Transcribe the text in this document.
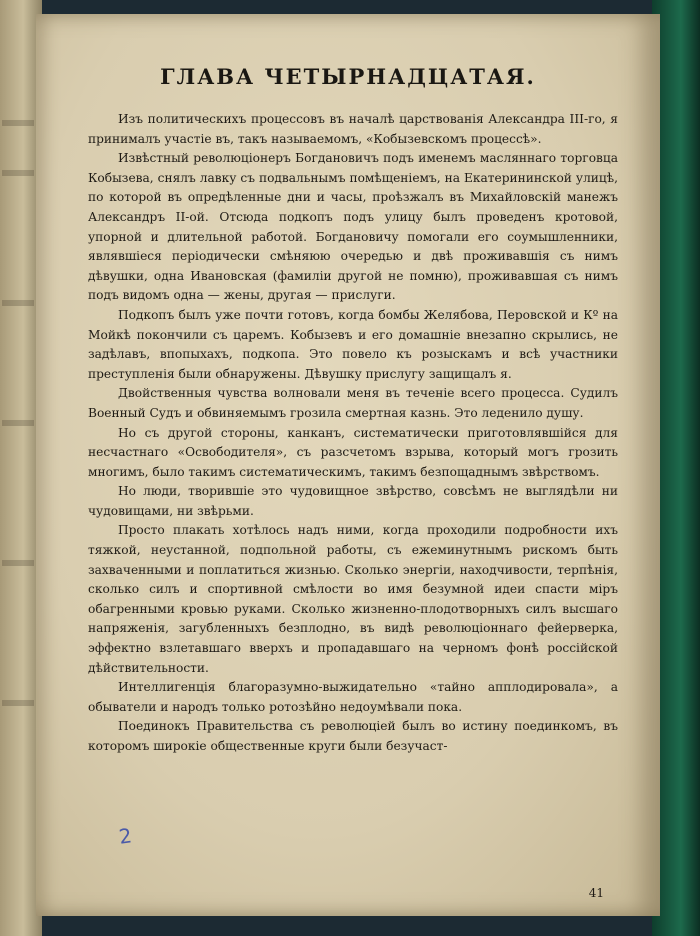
ГЛАВА ЧЕТЫРНАДЦАТАЯ.

Изъ политическихъ процессовъ въ началѣ царствованія Александра III-го, я принималъ участіе въ, такъ называемомъ, «Кобызевскомъ процессѣ».

Извѣстный революціонеръ Богдановичъ подъ именемъ масляннаго торговца Кобызева, снялъ лавку съ подвальнымъ помѣщеніемъ, на Екатерининской улицѣ, по которой въ опредѣленные дни и часы, проѣзжалъ въ Михайловскій манежъ Александръ II-ой. Отсюда подкопъ подъ улицу былъ проведенъ кротовой, упорной и длительной работой. Богдановичу помогали его соумышленники, являвшіеся періодически смѣняюю очередью и двѣ проживавшія съ нимъ дѣвушки, одна Ивановская (фамиліи другой не помню), проживавшая съ нимъ подъ видомъ одна — жены, другая — прислуги.

Подкопъ былъ уже почти готовъ, когда бомбы Желябова, Перовской и Кº на Мойкѣ покончили съ царемъ. Кобызевъ и его домашніе внезапно скрылись, не задѣлавъ, впопыхахъ, подкопа. Это повело къ розыскамъ и всѣ участники преступленія были обнаружены. Дѣвушку прислугу защищалъ я.

Двойственныя чувства волновали меня въ теченіе всего процесса. Судилъ Военный Судъ и обвиняемымъ грозила смертная казнь. Это леденило душу.

Но съ другой стороны, канканъ, систематически приготовлявшійся для несчастнаго «Освободителя», съ разсчетомъ взрыва, который могъ грозить многимъ, было такимъ систематическимъ, такимъ безпощаднымъ звѣрствомъ.

Но люди, творившіе это чудовищное звѣрство, совсѣмъ не выглядѣли ни чудовищами, ни звѣрьми.

Просто плакать хотѣлось надъ ними, когда проходили подробности ихъ тяжкой, неустанной, подпольной работы, съ ежеминутнымъ рискомъ быть захваченными и поплатиться жизнью. Сколько энергіи, находчивости, терпѣнія, сколько силъ и спортивной смѣлости во имя безумной идеи спасти міръ обагренными кровью руками. Сколько жизненно-плодотворныхъ силъ высшаго напряженія, загубленныхъ безплодно, въ видѣ революціоннаго фейерверка, эффектно взлетавшаго вверхъ и пропадавшаго на черномъ фонѣ россійской дѣйствительности.

Интеллигенція благоразумно-выжидательно «тайно апплодировала», а обыватели и народъ только ротозѣйно недоумѣвали пока.

Поединокъ Правительства съ революціей былъ во истину поединкомъ, въ которомъ широкіе общественные круги были безучаст-

2
41
